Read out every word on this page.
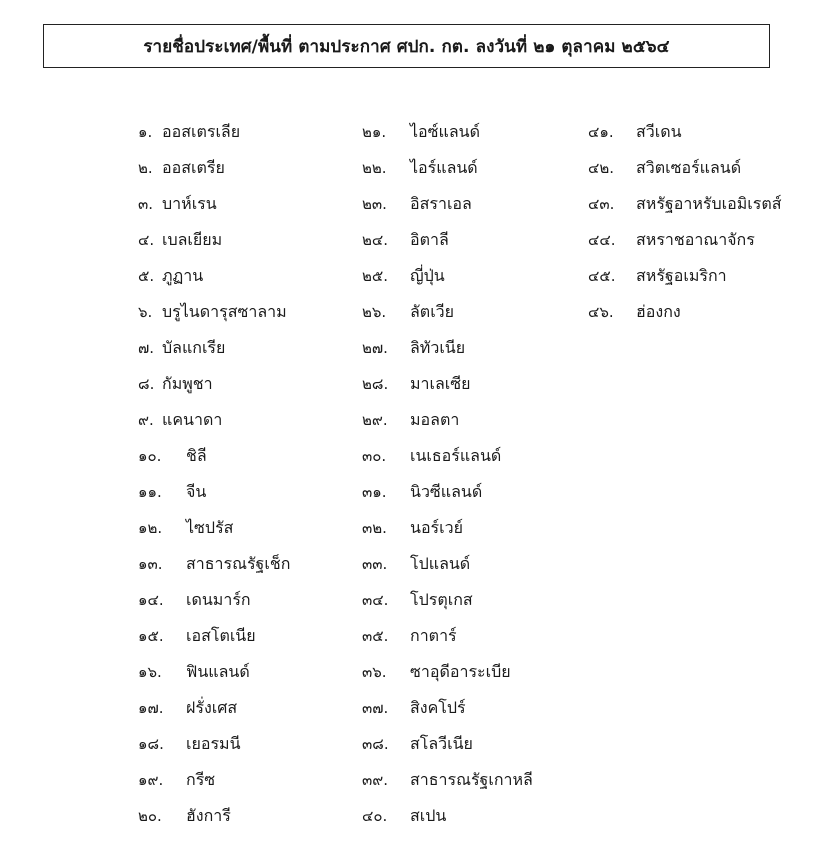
รายชื่อประเทศ/พื้นที่ ตามประกาศ ศปก. กต. ลงวันที่ ๒๑ ตุลาคม ๒๕๖๔
๑. ออสเตรเลีย
๒. ออสเตรีย
๓. บาห์เรน
๔. เบลเยียม
๕. ภูฏาน
๖. บรูไนดารุสซาลาม
๗. บัลแกเรีย
๘. กัมพูชา
๙. แคนาดา
๑๐. ชิลี
๑๑. จีน
๑๒. ไซปรัส
๑๓. สาธารณรัฐเช็ก
๑๔. เดนมาร์ก
๑๕. เอสโตเนีย
๑๖. ฟินแลนด์
๑๗. ฝรั่งเศส
๑๘. เยอรมนี
๑๙. กรีซ
๒๐. ฮังการี
๒๑. ไอซ์แลนด์
๒๒. ไอร์แลนด์
๒๓. อิสราเอล
๒๔. อิตาลี
๒๕. ญี่ปุ่น
๒๖. ลัตเวีย
๒๗. ลิทัวเนีย
๒๘. มาเลเซีย
๒๙. มอลตา
๓๐. เนเธอร์แลนด์
๓๑. นิวซีแลนด์
๓๒. นอร์เวย์
๓๓. โปแลนด์
๓๔. โปรตุเกส
๓๕. กาตาร์
๓๖. ซาอุดีอาระเบีย
๓๗. สิงคโปร์
๓๘. สโลวีเนีย
๓๙. สาธารณรัฐเกาหลี
๔๐. สเปน
๔๑. สวีเดน
๔๒. สวิตเซอร์แลนด์
๔๓. สหรัฐอาหรับเอมิเรตส์
๔๔. สหราชอาณาจักร
๔๕. สหรัฐอเมริกา
๔๖. ฮ่องกง
